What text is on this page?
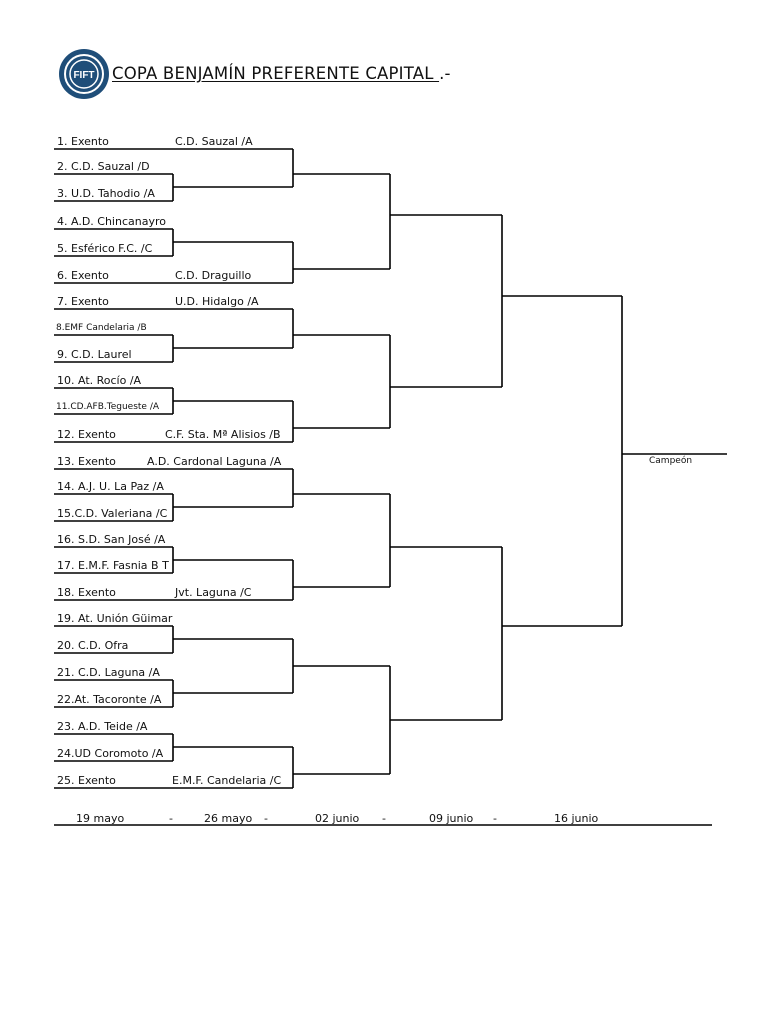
FIFT COPA BENJAMÍN PREFERENTE CAPITAL .-
1. Exento	C.D. Sauzal /A
2. C.D. Sauzal /D
3. U.D. Tahodio /A
4. A.D. Chincanayro
5. Esférico F.C. /C
6. Exento	C.D. Draguillo
7. Exento	U.D. Hidalgo /A
8.EMF Candelaria /B
9. C.D. Laurel
10. At. Rocío /A
11.CD.AFB.Tegueste /A
12. Exento	C.F. Sta. Mª Alisios /B
13. Exento	A.D. Cardonal Laguna /A
14. A.J. U. La Paz /A
15.C.D. Valeriana /C
16. S.D. San José /A
17. E.M.F. Fasnia B T
18. Exento	Jvt. Laguna /C
19. At. Unión Güimar
20. C.D. Ofra
21. C.D. Laguna /A
22.At. Tacoronte /A
23. A.D. Teide /A
24.UD Coromoto /A
25. Exento	E.M.F. Candelaria /C
Campeón
19 mayo	-	26 mayo -	02 junio -	09 junio -	16 junio
